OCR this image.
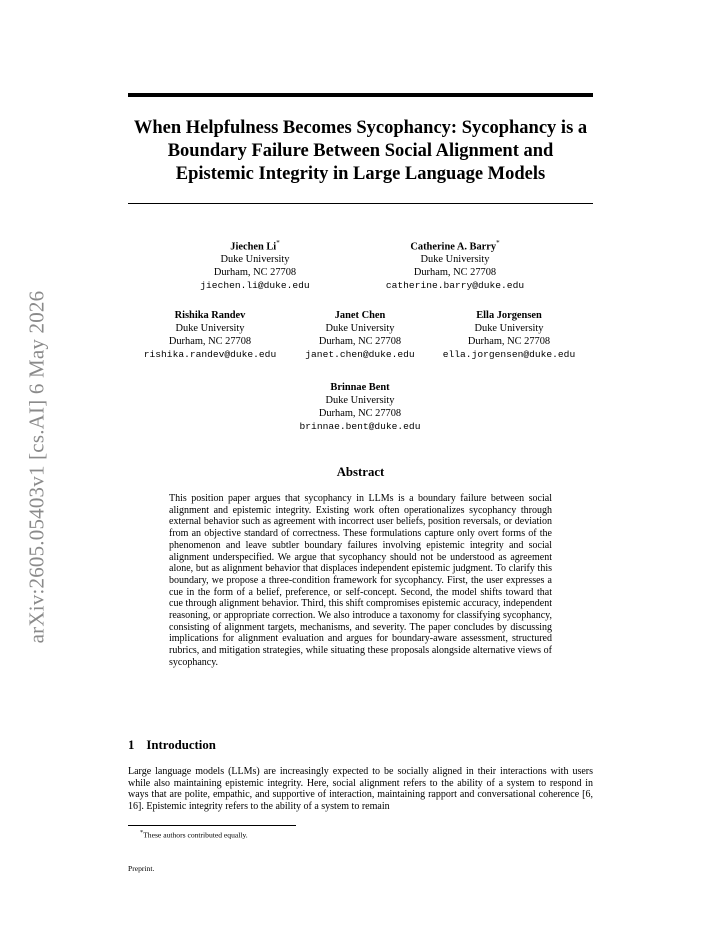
arXiv:2605.05403v1 [cs.AI] 6 May 2026
When Helpfulness Becomes Sycophancy: Sycophancy is a Boundary Failure Between Social Alignment and Epistemic Integrity in Large Language Models
Jiechen Li*
Duke University
Durham, NC 27708
jiechen.li@duke.edu
Catherine A. Barry*
Duke University
Durham, NC 27708
catherine.barry@duke.edu
Rishika Randev
Duke University
Durham, NC 27708
rishika.randev@duke.edu
Janet Chen
Duke University
Durham, NC 27708
janet.chen@duke.edu
Ella Jorgensen
Duke University
Durham, NC 27708
ella.jorgensen@duke.edu
Brinnae Bent
Duke University
Durham, NC 27708
brinnae.bent@duke.edu
Abstract
This position paper argues that sycophancy in LLMs is a boundary failure between social alignment and epistemic integrity. Existing work often operationalizes sycophancy through external behavior such as agreement with incorrect user beliefs, position reversals, or deviation from an objective standard of correctness. These formulations capture only overt forms of the phenomenon and leave subtler boundary failures involving epistemic integrity and social alignment underspecified. We argue that sycophancy should not be understood as agreement alone, but as alignment behavior that displaces independent epistemic judgment. To clarify this boundary, we propose a three-condition framework for sycophancy. First, the user expresses a cue in the form of a belief, preference, or self-concept. Second, the model shifts toward that cue through alignment behavior. Third, this shift compromises epistemic accuracy, independent reasoning, or appropriate correction. We also introduce a taxonomy for classifying sycophancy, consisting of alignment targets, mechanisms, and severity. The paper concludes by discussing implications for alignment evaluation and argues for boundary-aware assessment, structured rubrics, and mitigation strategies, while situating these proposals alongside alternative views of sycophancy.
1 Introduction
Large language models (LLMs) are increasingly expected to be socially aligned in their interactions with users while also maintaining epistemic integrity. Here, social alignment refers to the ability of a system to respond in ways that are polite, empathic, and supportive of interaction, maintaining rapport and conversational coherence [6, 16]. Epistemic integrity refers to the ability of a system to remain
*These authors contributed equally.
Preprint.
